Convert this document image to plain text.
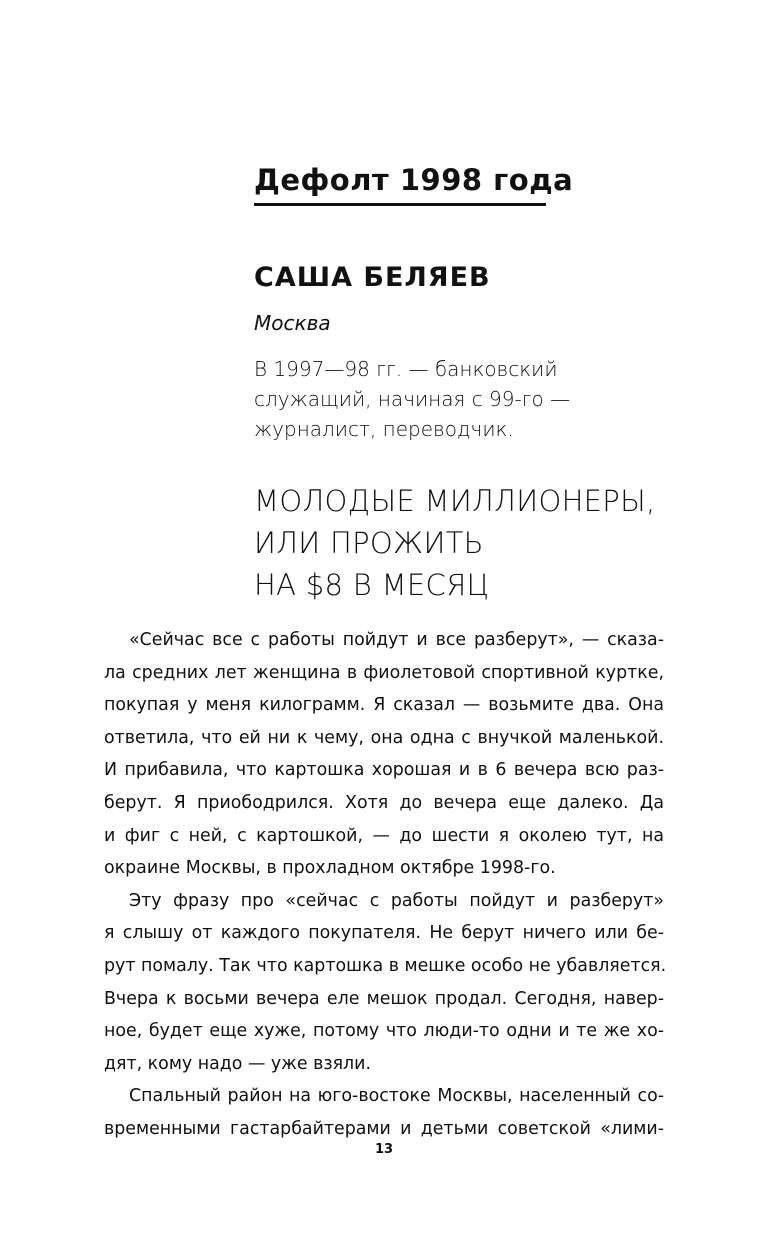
Дефолт 1998 года
САША БЕЛЯЕВ
Москва
В 1997—98 гг. — банковский
служащий, начиная с 99-го —
журналист, переводчик.
МОЛОДЫЕ МИЛЛИОНЕРЫ,
ИЛИ ПРОЖИТЬ
НА $8 В МЕСЯЦ
«Сейчас все с работы пойдут и все разберут», — сказа-
ла средних лет женщина в фиолетовой спортивной куртке,
покупая у меня килограмм. Я сказал — возьмите два. Она
ответила, что ей ни к чему, она одна с внучкой маленькой.
И прибавила, что картошка хорошая и в 6 вечера всю раз-
берут. Я приободрился. Хотя до вечера еще далеко. Да
и фиг с ней, с картошкой, — до шести я околею тут, на
окраине Москвы, в прохладном октябре 1998-го.
Эту фразу про «сейчас с работы пойдут и разберут»
я слышу от каждого покупателя. Не берут ничего или бе-
рут помалу. Так что картошка в мешке особо не убавляется.
Вчера к восьми вечера еле мешок продал. Сегодня, навер-
ное, будет еще хуже, потому что люди-то одни и те же хо-
дят, кому надо — уже взяли.
Спальный район на юго-востоке Москвы, населенный со-
временными гастарбайтерами и детьми советской «лими-
13
